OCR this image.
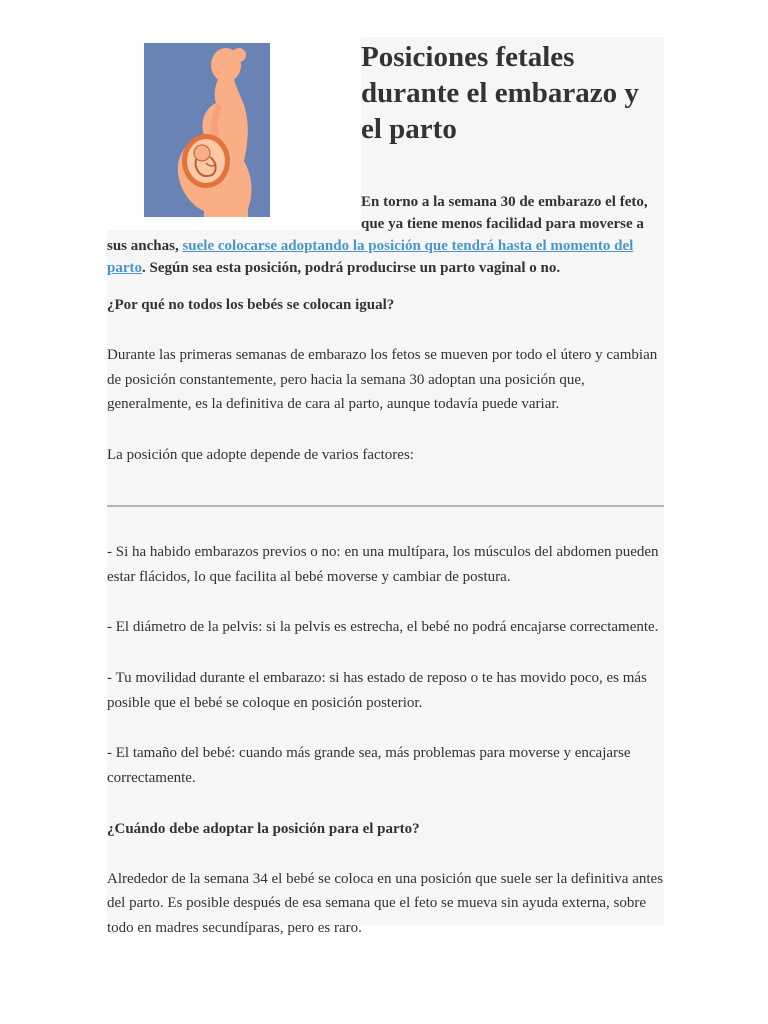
Posiciones fetales durante el embarazo y el parto

En torno a la semana 30 de embarazo el feto, que ya tiene menos facilidad para moverse a sus anchas, suele colocarse adoptando la posición que tendrá hasta el momento del parto. Según sea esta posición, podrá producirse un parto vaginal o no.

¿Por qué no todos los bebés se colocan igual?

Durante las primeras semanas de embarazo los fetos se mueven por todo el útero y cambian de posición constantemente, pero hacia la semana 30 adoptan una posición que, generalmente, es la definitiva de cara al parto, aunque todavía puede variar.

La posición que adopte depende de varios factores:

- Si ha habido embarazos previos o no: en una multípara, los músculos del abdomen pueden estar flácidos, lo que facilita al bebé moverse y cambiar de postura.

- El diámetro de la pelvis: si la pelvis es estrecha, el bebé no podrá encajarse correctamente.

- Tu movilidad durante el embarazo: si has estado de reposo o te has movido poco, es más posible que el bebé se coloque en posición posterior.

- El tamaño del bebé: cuando más grande sea, más problemas para moverse y encajarse correctamente.

¿Cuándo debe adoptar la posición para el parto?

Alrededor de la semana 34 el bebé se coloca en una posición que suele ser la definitiva antes del parto. Es posible después de esa semana que el feto se mueva sin ayuda externa, sobre todo en madres secundíparas, pero es raro.
